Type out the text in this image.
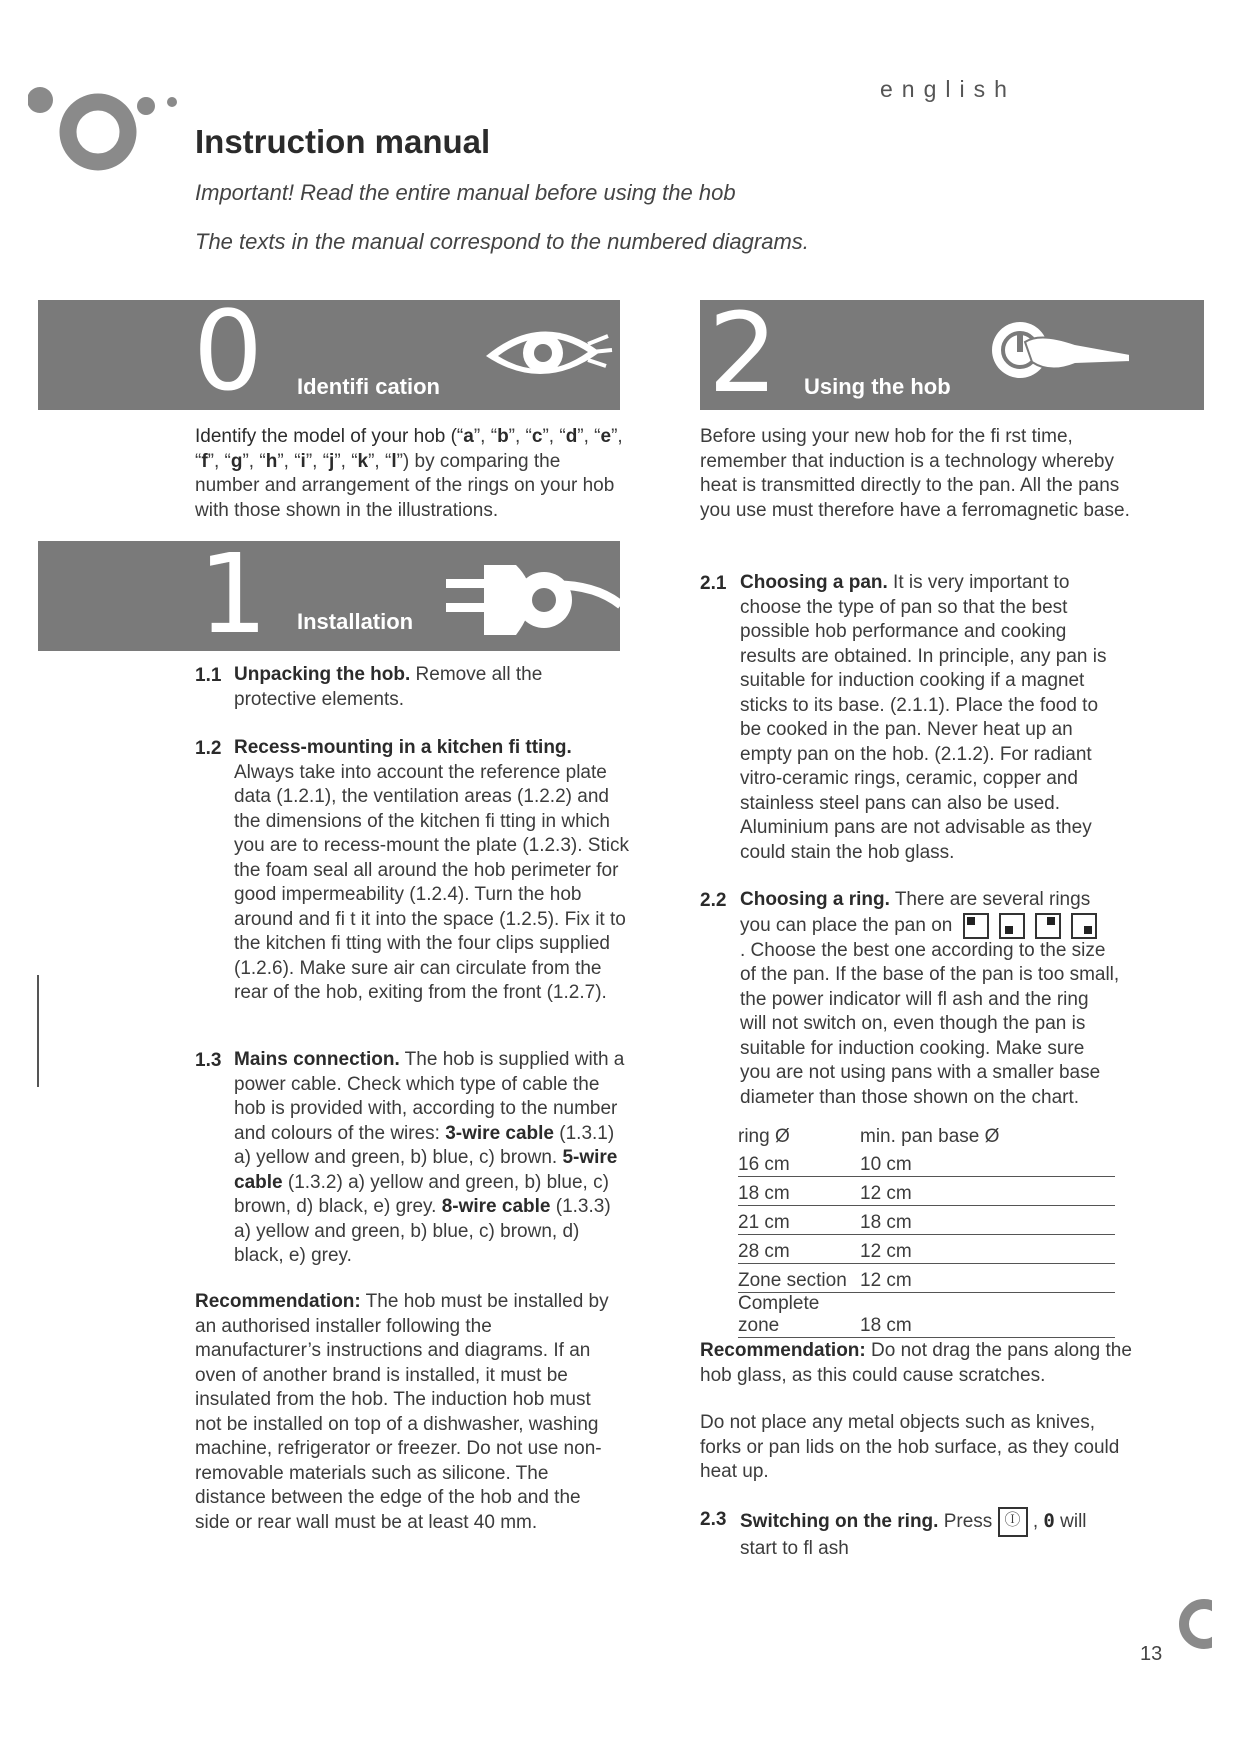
english
Instruction manual
Important! Read the entire manual before using the hob
The texts in the manual correspond to the numbered diagrams.
0 Identifi cation
Identify the model of your hob (“a”, “b”, “c”, “d”, “e”, “f”, “g”, “h”, “i”, “j”, “k”, “l”) by comparing the number and arrangement of the rings on your hob with those shown in the illustrations.
1 Installation
1.1 Unpacking the hob. Remove all the protective elements.
1.2 Recess-mounting in a kitchen fi tting.
Always take into account the reference plate data (1.2.1), the ventilation areas (1.2.2) and the dimensions of the kitchen fi tting in which you are to recess-mount the plate (1.2.3). Stick the foam seal all around the hob perimeter for good impermeability (1.2.4). Turn the hob around and fi t it into the space (1.2.5). Fix it to the kitchen fi tting with the four clips supplied (1.2.6). Make sure air can circulate from the rear of the hob, exiting from the front (1.2.7).
1.3 Mains connection. The hob is supplied with a power cable. Check which type of cable the hob is provided with, according to the number and colours of the wires: 3-wire cable (1.3.1) a) yellow and green, b) blue, c) brown. 5-wire cable (1.3.2) a) yellow and green, b) blue, c) brown, d) black, e) grey. 8-wire cable (1.3.3) a) yellow and green, b) blue, c) brown, d) black, e) grey.
Recommendation: The hob must be installed by an authorised installer following the manufacturer’s instructions and diagrams. If an oven of another brand is installed, it must be insulated from the hob. The induction hob must not be installed on top of a dishwasher, washing machine, refrigerator or freezer. Do not use non-removable materials such as silicone. The distance between the edge of the hob and the side or rear wall must be at least 40 mm.
2 Using the hob
Before using your new hob for the fi rst time, remember that induction is a technology whereby heat is transmitted directly to the pan. All the pans you use must therefore have a ferromagnetic base.
2.1 Choosing a pan. It is very important to choose the type of pan so that the best possible hob performance and cooking results are obtained. In principle, any pan is suitable for induction cooking if a magnet sticks to its base. (2.1.1). Place the food to be cooked in the pan. Never heat up an empty pan on the hob. (2.1.2). For radiant vitro-ceramic rings, ceramic, copper and stainless steel pans can also be used. Aluminium pans are not advisable as they could stain the hob glass.
2.2 Choosing a ring. There are several rings you can place the pan on

. Choose the best one according to the size of the pan. If the base of the pan is too small, the power indicator will fl ash and the ring will not switch on, even though the pan is suitable for induction cooking. Make sure you are not using pans with a smaller base diameter than those shown on the chart.
ring Ø	min. pan base Ø
16 cm	10 cm
18 cm	12 cm
21 cm	18 cm
28 cm	12 cm
Zone section	12 cm
Complete zone	18 cm
Recommendation: Do not drag the pans along the hob glass, as this could cause scratches.
Do not place any metal objects such as knives, forks or pan lids on the hob surface, as they could heat up.
2.3 Switching on the ring. Press Ⓘ , 0 will start to fl ash
13
